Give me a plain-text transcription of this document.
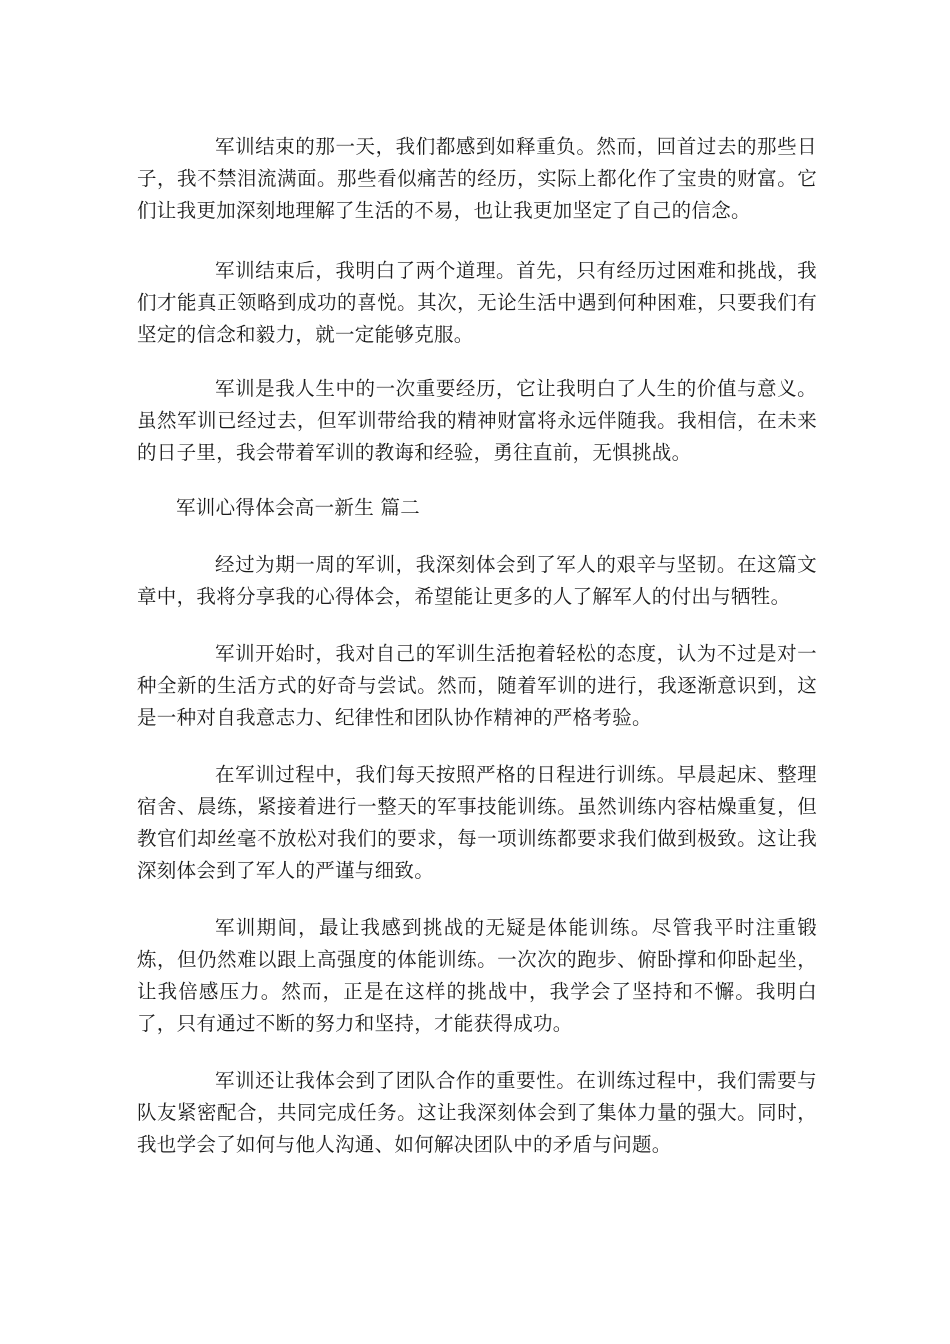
军训结束的那一天，我们都感到如释重负。然而，回首过去的那些日子，我不禁泪流满面。那些看似痛苦的经历，实际上都化作了宝贵的财富。它们让我更加深刻地理解了生活的不易，也让我更加坚定了自己的信念。

军训结束后，我明白了两个道理。首先，只有经历过困难和挑战，我们才能真正领略到成功的喜悦。其次，无论生活中遇到何种困难，只要我们有坚定的信念和毅力，就一定能够克服。

军训是我人生中的一次重要经历，它让我明白了人生的价值与意义。虽然军训已经过去，但军训带给我的精神财富将永远伴随我。我相信，在未来的日子里，我会带着军训的教诲和经验，勇往直前，无惧挑战。

军训心得体会高一新生 篇二

经过为期一周的军训，我深刻体会到了军人的艰辛与坚韧。在这篇文章中，我将分享我的心得体会，希望能让更多的人了解军人的付出与牺牲。

军训开始时，我对自己的军训生活抱着轻松的态度，认为不过是对一种全新的生活方式的好奇与尝试。然而，随着军训的进行，我逐渐意识到，这是一种对自我意志力、纪律性和团队协作精神的严格考验。

在军训过程中，我们每天按照严格的日程进行训练。早晨起床、整理宿舍、晨练，紧接着进行一整天的军事技能训练。虽然训练内容枯燥重复，但教官们却丝毫不放松对我们的要求，每一项训练都要求我们做到极致。这让我深刻体会到了军人的严谨与细致。

军训期间，最让我感到挑战的无疑是体能训练。尽管我平时注重锻炼，但仍然难以跟上高强度的体能训练。一次次的跑步、俯卧撑和仰卧起坐，让我倍感压力。然而，正是在这样的挑战中，我学会了坚持和不懈。我明白了，只有通过不断的努力和坚持，才能获得成功。

军训还让我体会到了团队合作的重要性。在训练过程中，我们需要与队友紧密配合，共同完成任务。这让我深刻体会到了集体力量的强大。同时，我也学会了如何与他人沟通、如何解决团队中的矛盾与问题。
